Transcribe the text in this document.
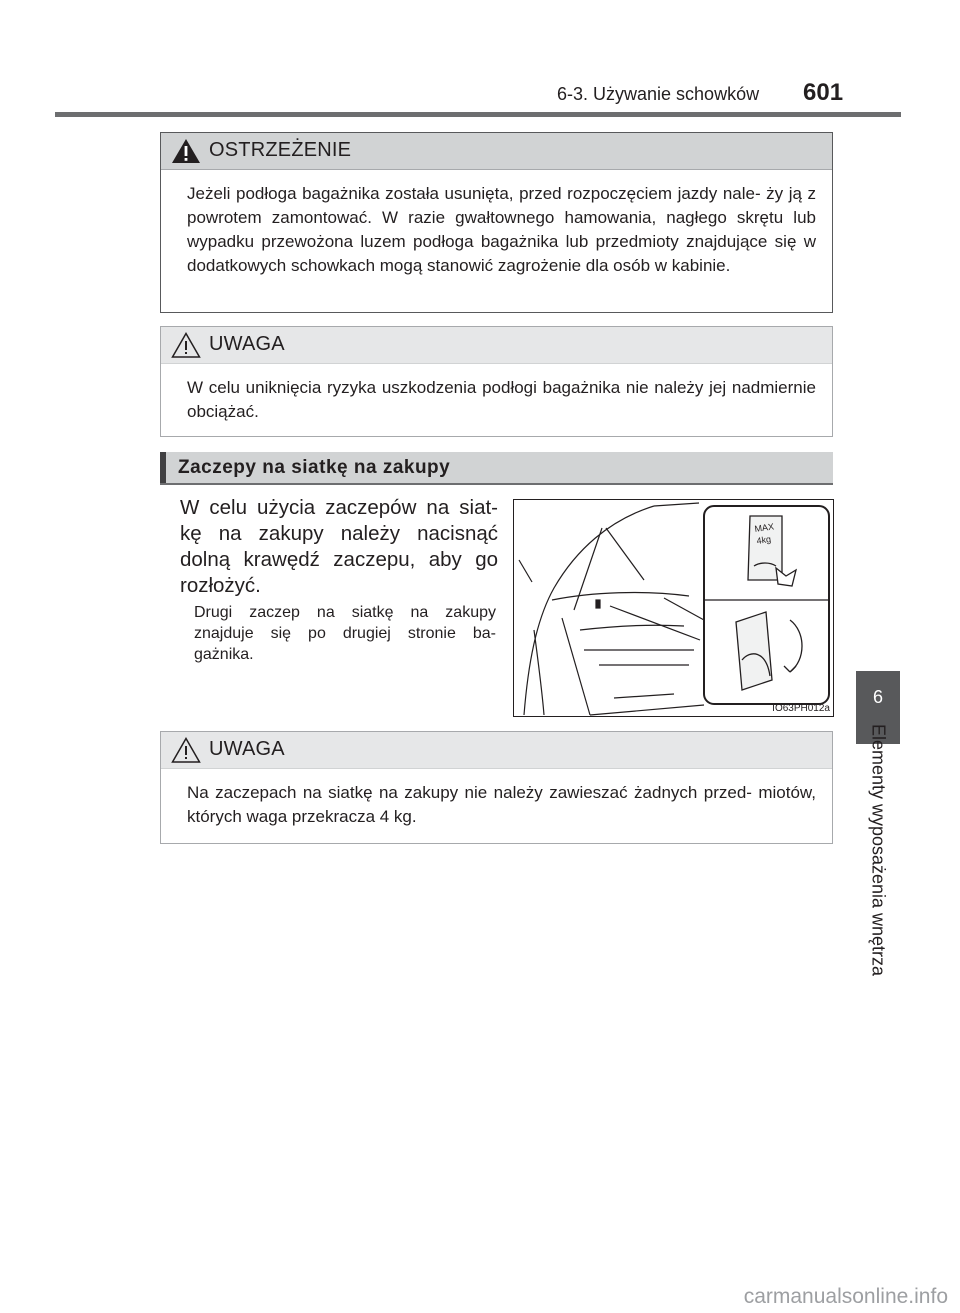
6-3. Używanie schowków 601
OSTRZEŻENIE
Jeżeli podłoga bagażnika została usunięta, przed rozpoczęciem jazdy nale- ży ją z powrotem zamontować. W razie gwałtownego hamowania, nagłego skrętu lub wypadku przewożona luzem podłoga bagażnika lub przedmioty znajdujące się w dodatkowych schowkach mogą stanowić zagrożenie dla osób w kabinie.
UWAGA
W celu uniknięcia ryzyka uszkodzenia podłogi bagażnika nie należy jej nadmiernie obciążać.
Zaczepy na siatkę na zakupy

W celu użycia zaczepów na siat- kę na zakupy należy nacisnąć dolną krawędź zaczepu, aby go rozłożyć.

Drugi zaczep na siatkę na zakupy znajduje się po drugiej stronie ba- gażnika.

MAX
4kg
IO63PH012a
UWAGA
Na zaczepach na siatkę na zakupy nie należy zawieszać żadnych przed- miotów, których waga przekracza 4 kg.
6
Elementy wyposażenia wnętrza
carmanualsonline.info
